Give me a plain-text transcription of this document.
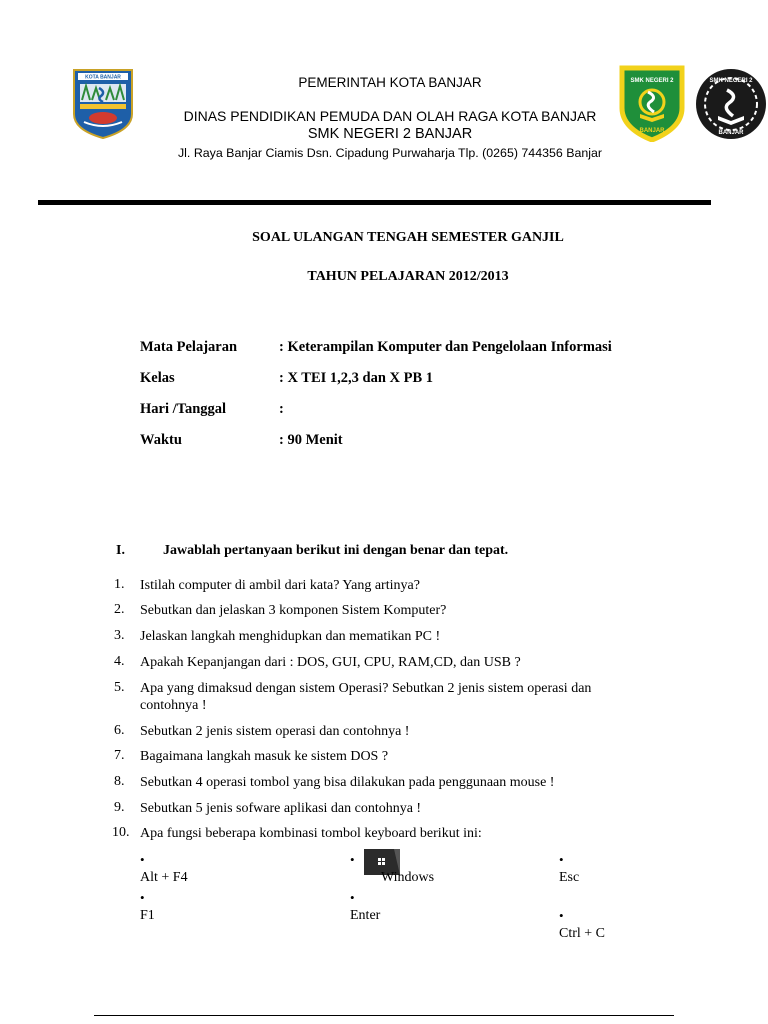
KOTA BANJAR
SMK NEGERI 2
BANJAR
SMK NEGERI 2
BANJAR
PEMERINTAH KOTA BANJAR
DINAS PENDIDIKAN PEMUDA DAN OLAH RAGA KOTA BANJAR
SMK NEGERI 2 BANJAR
Jl. Raya Banjar Ciamis Dsn. Cipadung Purwaharja Tlp. (0265) 744356 Banjar
SOAL ULANGAN TENGAH SEMESTER GANJIL
TAHUN PELAJARAN 2012/2013
Mata Pelajaran	: Keterampilan Komputer dan Pengelolaan Informasi
Kelas	: X TEI 1,2,3 dan X PB 1
Hari /Tanggal	:
Waktu	: 90 Menit
I.	Jawablah pertanyaan berikut ini dengan benar dan tepat.
1.	Istilah computer di ambil dari kata? Yang artinya?
2.	Sebutkan dan jelaskan 3 komponen Sistem Komputer?
3.	Jelaskan langkah menghidupkan dan mematikan PC !
4.	Apakah Kepanjangan dari : DOS, GUI, CPU, RAM,CD, dan USB ?
5.	Apa yang dimaksud dengan sistem Operasi? Sebutkan 2 jenis sistem operasi dan contohnya !
6.	Sebutkan 2 jenis sistem operasi dan contohnya !
7.	Bagaimana langkah masuk ke sistem DOS ?
8.	Sebutkan 4 operasi tombol yang bisa dilakukan pada penggunaan mouse !
9.	Sebutkan 5 jenis sofware aplikasi dan contohnya !
10. Apa fungsi beberapa kombinasi tombol keyboard berikut ini:
•
Alt + F4
•
Windows
•
Esc
•
F1
•
Enter	•
Ctrl + C
